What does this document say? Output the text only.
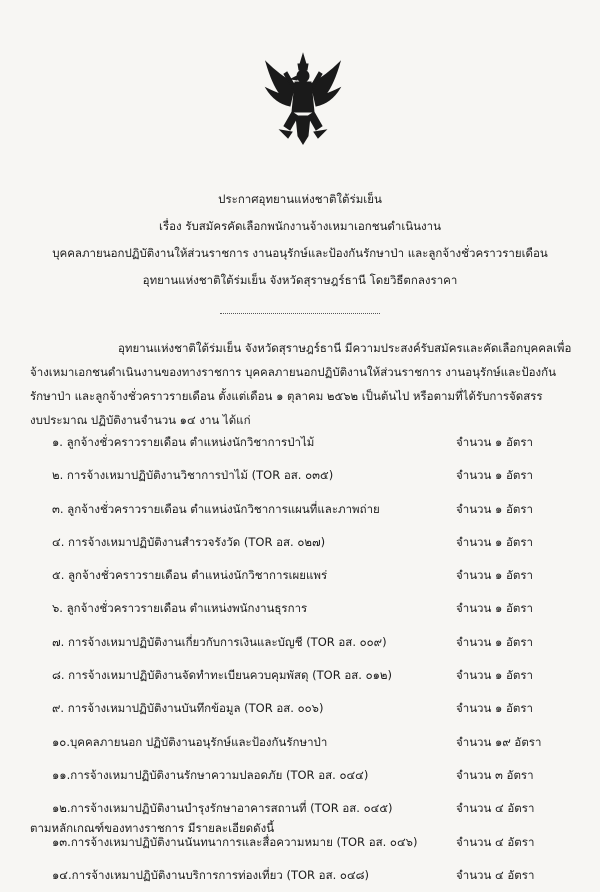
ประกาศอุทยานแห่งชาติใต้ร่มเย็น
เรื่อง รับสมัครคัดเลือกพนักงานจ้างเหมาเอกชนดำเนินงาน
บุคคลภายนอกปฏิบัติงานให้ส่วนราชการ งานอนุรักษ์และป้องกันรักษาป่า และลูกจ้างชั่วคราวรายเดือน
อุทยานแห่งชาติใต้ร่มเย็น จังหวัดสุราษฎร์ธานี โดยวิธีตกลงราคา
อุทยานแห่งชาติใต้ร่มเย็น จังหวัดสุราษฎร์ธานี มีความประสงค์รับสมัครและคัดเลือกบุคคลเพื่อ
จ้างเหมาเอกชนดำเนินงานของทางราชการ บุคคลภายนอกปฏิบัติงานให้ส่วนราชการ งานอนุรักษ์และป้องกัน
รักษาป่า และลูกจ้างชั่วคราวรายเดือน ตั้งแต่เดือน ๑ ตุลาคม ๒๕๖๒ เป็นต้นไป หรือตามที่ได้รับการจัดสรร
งบประมาณ ปฏิบัติงานจำนวน ๑๔ งาน ได้แก่
๑. ลูกจ้างชั่วคราวรายเดือน ตำแหน่งนักวิชาการป่าไม้	จำนวน ๑ อัตรา
๒. การจ้างเหมาปฏิบัติงานวิชาการป่าไม้ (TOR อส. ๐๓๕)	จำนวน ๑ อัตรา
๓. ลูกจ้างชั่วคราวรายเดือน ตำแหน่งนักวิชาการแผนที่และภาพถ่าย	จำนวน ๑ อัตรา
๔. การจ้างเหมาปฏิบัติงานสำรวจรังวัด (TOR อส. ๐๒๗)	จำนวน ๑ อัตรา
๕. ลูกจ้างชั่วคราวรายเดือน ตำแหน่งนักวิชาการเผยแพร่	จำนวน ๑ อัตรา
๖. ลูกจ้างชั่วคราวรายเดือน ตำแหน่งพนักงานธุรการ	จำนวน ๑ อัตรา
๗. การจ้างเหมาปฏิบัติงานเกี่ยวกับการเงินและบัญชี (TOR อส. ๐๐๙)	จำนวน ๑ อัตรา
๘. การจ้างเหมาปฏิบัติงานจัดทำทะเบียนควบคุมพัสดุ (TOR อส. ๐๑๒)	จำนวน ๑ อัตรา
๙. การจ้างเหมาปฏิบัติงานบันทึกข้อมูล (TOR อส. ๐๐๖)	จำนวน ๑ อัตรา
๑๐.บุคคลภายนอก ปฏิบัติงานอนุรักษ์และป้องกันรักษาป่า	จำนวน ๑๙ อัตรา
๑๑.การจ้างเหมาปฏิบัติงานรักษาความปลอดภัย (TOR อส. ๐๔๔)	จำนวน ๓ อัตรา
๑๒.การจ้างเหมาปฏิบัติงานบำรุงรักษาอาคารสถานที่ (TOR อส. ๐๔๕)	จำนวน ๔ อัตรา
๑๓.การจ้างเหมาปฏิบัติงานนันทนาการและสื่อความหมาย (TOR อส. ๐๔๖)	จำนวน ๔ อัตรา
๑๔.การจ้างเหมาปฏิบัติงานบริการการท่องเที่ยว (TOR อส. ๐๔๘)	จำนวน ๔ อัตรา
ตามหลักเกณฑ์ของทางราชการ มีรายละเอียดดังนี้
